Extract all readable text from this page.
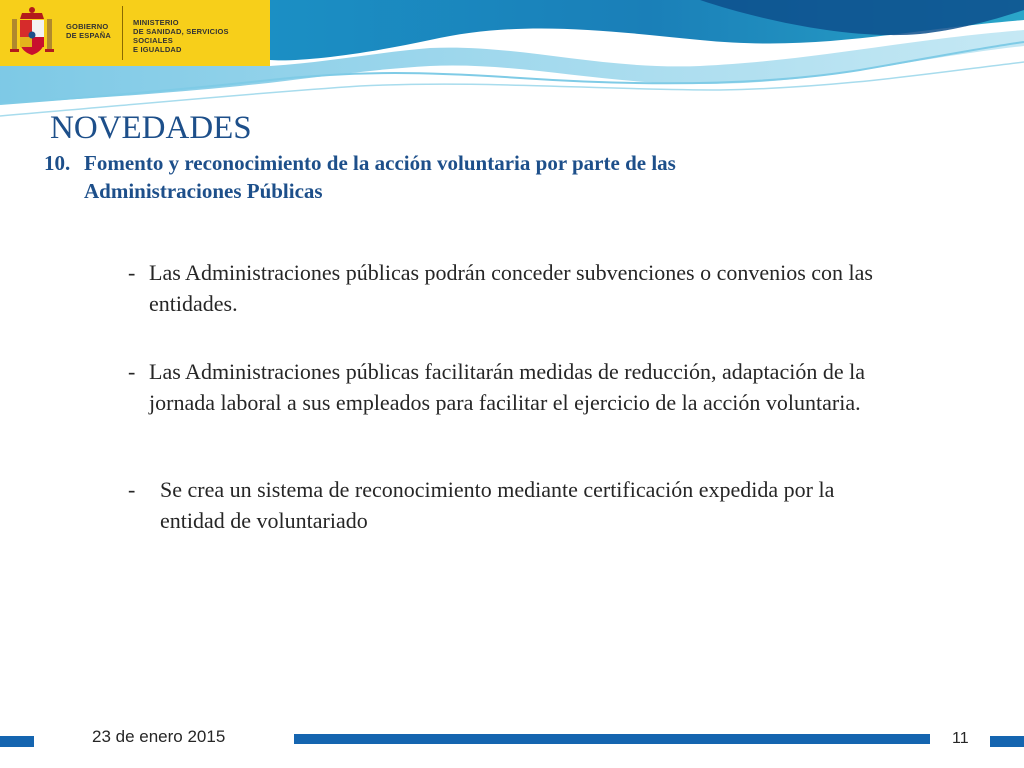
GOBIERNO
DE ESPAÑA
MINISTERIO
DE SANIDAD, SERVICIOS SOCIALES
E IGUALDAD
NOVEDADES
10. Fomento y reconocimiento de la acción voluntaria por parte de las
Administraciones Públicas
- Las Administraciones públicas podrán conceder subvenciones o convenios con las entidades.
- Las Administraciones públicas facilitarán medidas de reducción, adaptación de la jornada laboral a sus empleados para facilitar el ejercicio de la acción voluntaria.
-	Se crea un sistema de reconocimiento mediante certificación expedida por la entidad de voluntariado
23 de enero 2015	11
